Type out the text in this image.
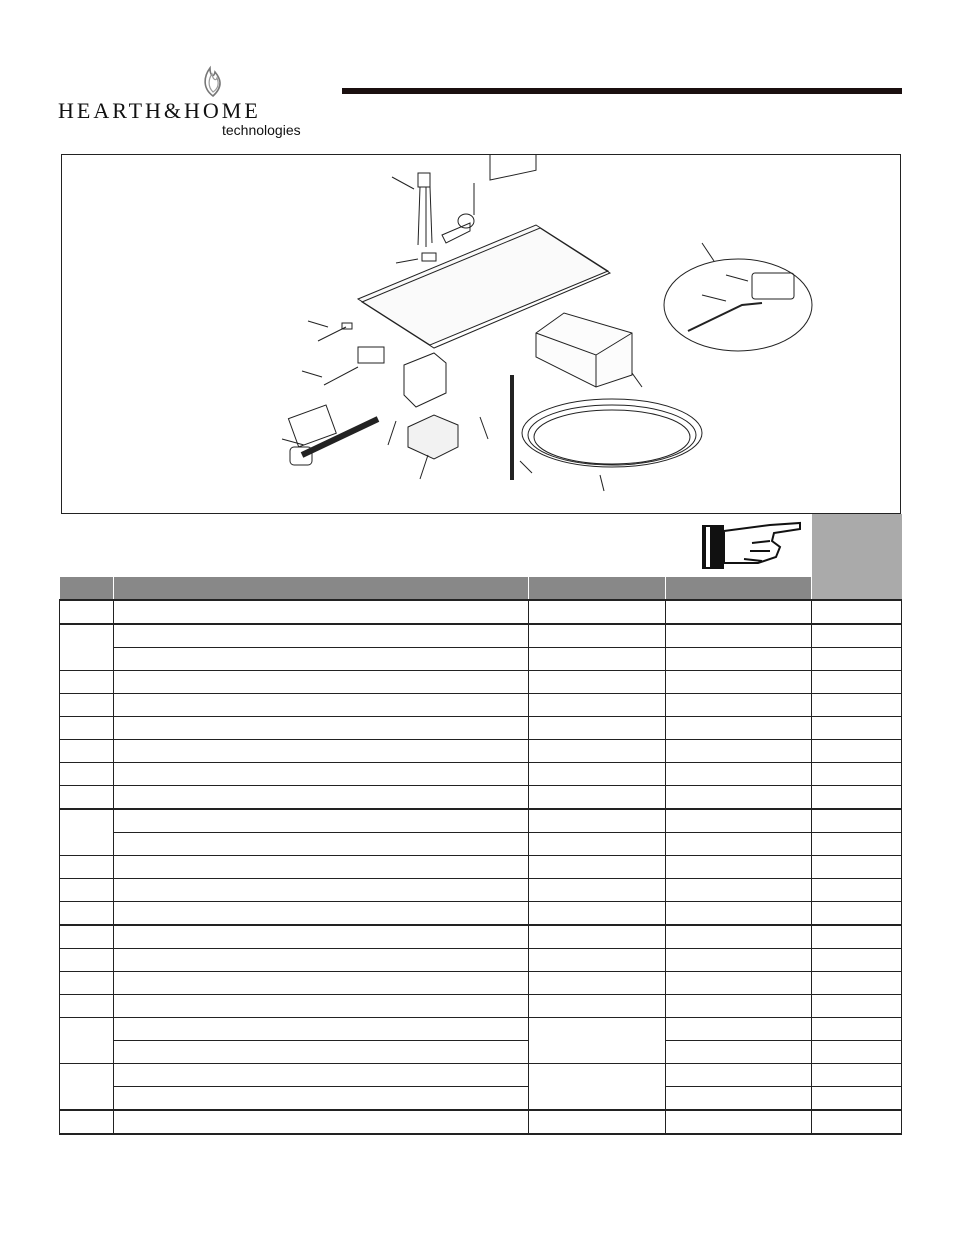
HEARTH&HOME
technologies
